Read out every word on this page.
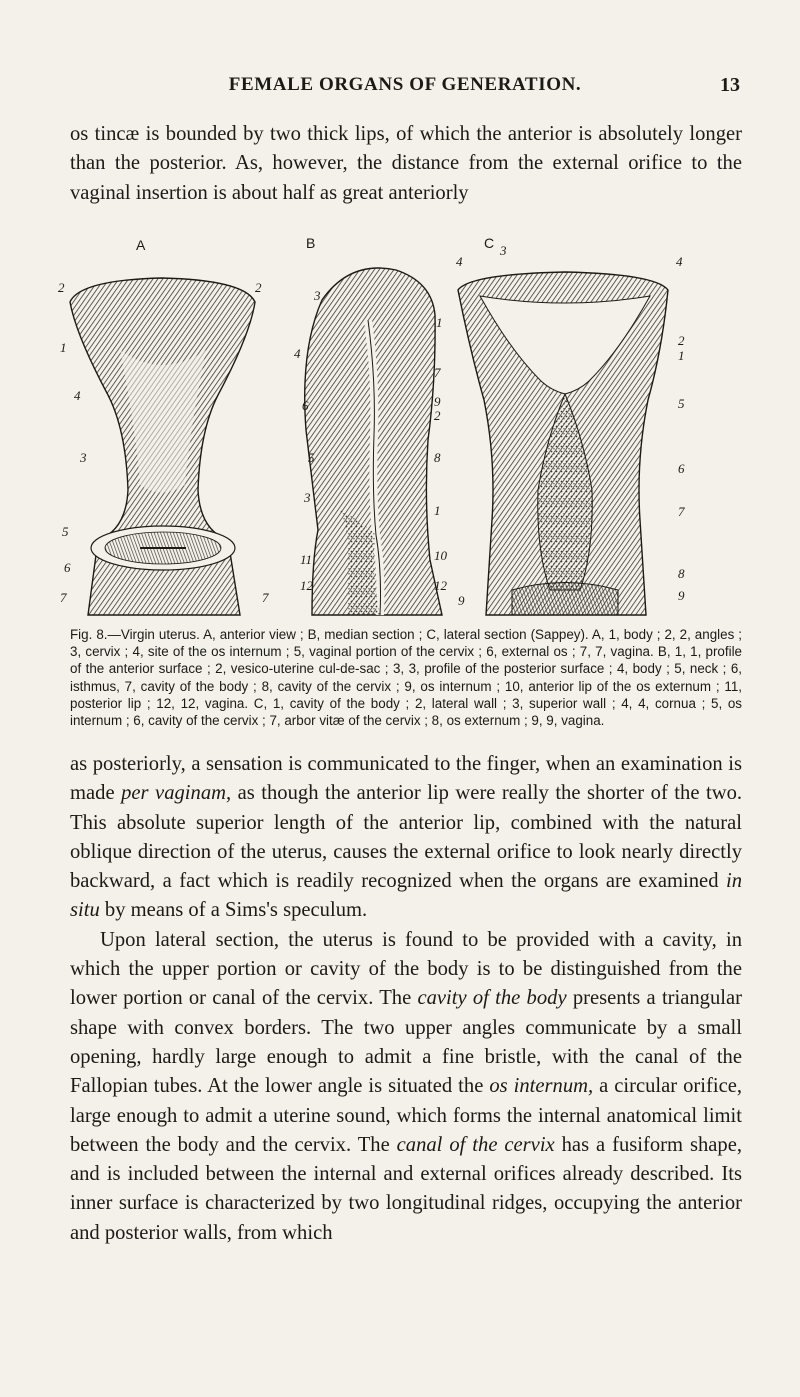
FEMALE ORGANS OF GENERATION.	13
os tincæ is bounded by two thick lips, of which the anterior is absolutely longer than the posterior. As, however, the distance from the external orifice to the vaginal insertion is about half as great anteriorly
A	B	C
2	2
1
4
3
5
6
7	7
3
1
4
7
6	9
2
5	8
3
1
11	10
12	12
4
3
4
2
1
5
6
7
8
9	9
Fig. 8.—Virgin uterus. A, anterior view ; B, median section ; C, lateral section (Sappey). A, 1, body ; 2, 2, angles ; 3, cervix ; 4, site of the os internum ; 5, vaginal portion of the cervix ; 6, external os ; 7, 7, vagina. B, 1, 1, profile of the anterior surface ; 2, vesico-uterine cul-de-sac ; 3, 3, profile of the posterior surface ; 4, body ; 5, neck ; 6, isthmus, 7, cavity of the body ; 8, cavity of the cervix ; 9, os internum ; 10, anterior lip of the os externum ; 11, posterior lip ; 12, 12, vagina. C, 1, cavity of the body ; 2, lateral wall ; 3, superior wall ; 4, 4, cornua ; 5, os internum ; 6, cavity of the cervix ; 7, arbor vitæ of the cervix ; 8, os externum ; 9, 9, vagina.

as posteriorly, a sensation is communicated to the finger, when an examination is made per vaginam, as though the anterior lip were really the shorter of the two. This absolute superior length of the anterior lip, combined with the natural oblique direction of the uterus, causes the external orifice to look nearly directly backward, a fact which is readily recognized when the organs are examined in situ by means of a Sims's speculum.

Upon lateral section, the uterus is found to be provided with a cavity, in which the upper portion or cavity of the body is to be distinguished from the lower portion or canal of the cervix. The cavity of the body presents a triangular shape with convex borders. The two upper angles communicate by a small opening, hardly large enough to admit a fine bristle, with the canal of the Fallopian tubes. At the lower angle is situated the os internum, a circular orifice, large enough to admit a uterine sound, which forms the internal anatomical limit between the body and the cervix. The canal of the cervix has a fusiform shape, and is included between the internal and external orifices already described. Its inner surface is characterized by two longitudinal ridges, occupying the anterior and posterior walls, from which
